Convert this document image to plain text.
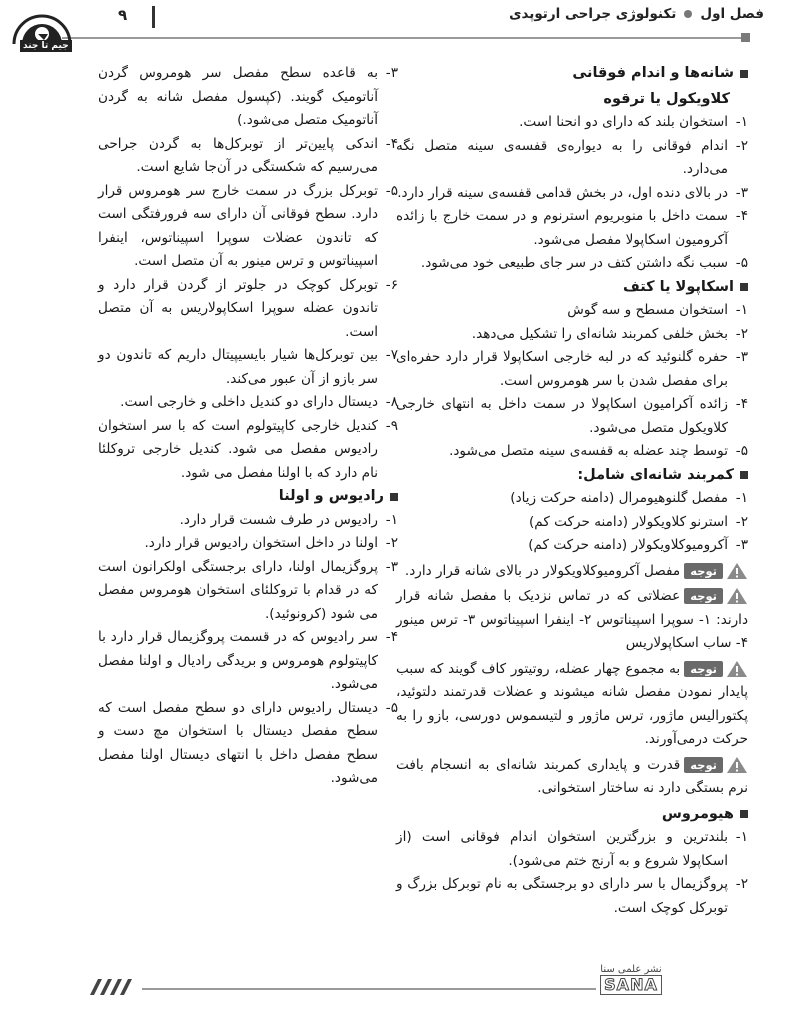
فصل اول
تکنولوژی جراحی ارتوپدی
۹
جیم تا جند

شانه‌ها و اندام فوقانی

کلاویکول یا ترقوه

۱-استخوان بلند که دارای دو انحنا است.

۲-اندام فوقانی را به دیواره‌ی قفسه‌ی سینه متصل نگه می‌دارد.

۳-در بالای دنده اول، در بخش قدامی قفسه‌ی سینه قرار دارد.

۴-سمت داخل با منوبریوم استرنوم و در سمت خارج با زائده آکرومیون اسکاپولا مفصل می‌شود.

۵-سبب نگه داشتن کتف در سر جای طبیعی خود می‌شود.

اسکاپولا یا کتف

۱-استخوان مسطح و سه گوش

۲-بخش خلفی کمربند شانه‌ای را تشکیل می‌دهد.

۳-حفره گلنوئید که در لبه خارجی اسکاپولا قرار دارد حفره‌ای برای مفصل شدن با سر هومروس است.

۴-زائده آکرامیون اسکاپولا در سمت داخل به انتهای خارجی کلاویکول متصل می‌شود.

۵-توسط چند عضله به قفسه‌ی سینه متصل می‌شود.

کمربند شانه‌ای شامل:

۱-مفصل گلنوهیومرال (دامنه حرکت زیاد)

۲-استرنو کلاویکولار (دامنه حرکت کم)

۳-آکرومیوکلاویکولار (دامنه حرکت کم)

توجه
مفصل آکرومیوکلاویکولار در بالای شانه قرار دارد.

توجه
عضلاتی که در تماس نزدیک با مفصل شانه قرار دارند: ۱- سوپرا اسپیناتوس ۲- اینفرا اسپیناتوس ۳- ترس مینور ۴- ساب اسکاپولاریس

توجه
به مجموع چهار عضله، روتیتور کاف گویند که سبب پایدار نمودن مفصل شانه میشوند و عضلات قدرتمند دلتوئید، پکتورالیس ماژور، ترس ماژور و لتیسموس دورسی، بازو را به حرکت درمی‌آورند.

توجه
قدرت و پایداری کمربند شانه‌ای به انسجام بافت نرم بستگی دارد نه ساختار استخوانی.

هیومروس

۱-بلندترین و بزرگترین استخوان اندام فوقانی است (از اسکاپولا شروع و به آرنج ختم می‌شود).

۲-پروگزیمال با سر دارای دو برجستگی به نام توبرکل بزرگ و توبرکل کوچک است.

۳-به قاعده سطح مفصل سر هومروس گردن آناتومیک گویند. (کپسول مفصل شانه به گردن آناتومیک متصل می‌شود.)

۴-اندکی پایین‌تر از توبرکل‌ها به گردن جراحی می‌رسیم که شکستگی در آن‌جا شایع است.

۵-توبرکل بزرگ در سمت خارج سر هومروس قرار دارد. سطح فوقانی آن دارای سه فرورفتگی است که تاندون عضلات سوپرا اسپیناتوس، اینفرا اسپیناتوس و ترس مینور به آن متصل است.

۶-توبرکل کوچک در جلوتر از گردن قرار دارد و تاندون عضله سوپرا اسکاپولاریس به آن متصل است.

۷-بین توبرکل‌ها شیار بایسیپیتال داریم که تاندون دو سر بازو از آن عبور می‌کند.

۸-دیستال دارای دو کندیل داخلی و خارجی است.

۹-کندیل خارجی کاپیتولوم است که با سر استخوان رادیوس مفصل می شود. کندیل خارجی تروکلئا نام دارد که با اولنا مفصل می شود.

رادیوس و اولنا

۱-رادیوس در طرف شست قرار دارد.

۲-اولنا در داخل استخوان رادیوس قرار دارد.

۳-پروگزیمال اولنا، دارای برجستگی اولکرانون است که در قدام با تروکلئای استخوان هومروس مفصل می شود (کرونوئید).

۴-سر رادیوس که در قسمت پروگزیمال قرار دارد با کاپیتولوم هومروس و بریدگی رادیال و اولنا مفصل می‌شود.

۵-دیستال رادیوس دارای دو سطح مفصل است که سطح مفصل دیستال با استخوان مچ دست و سطح مفصل داخل با انتهای دیستال اولنا مفصل می‌شود.

نشر علمی سنا
SANA
